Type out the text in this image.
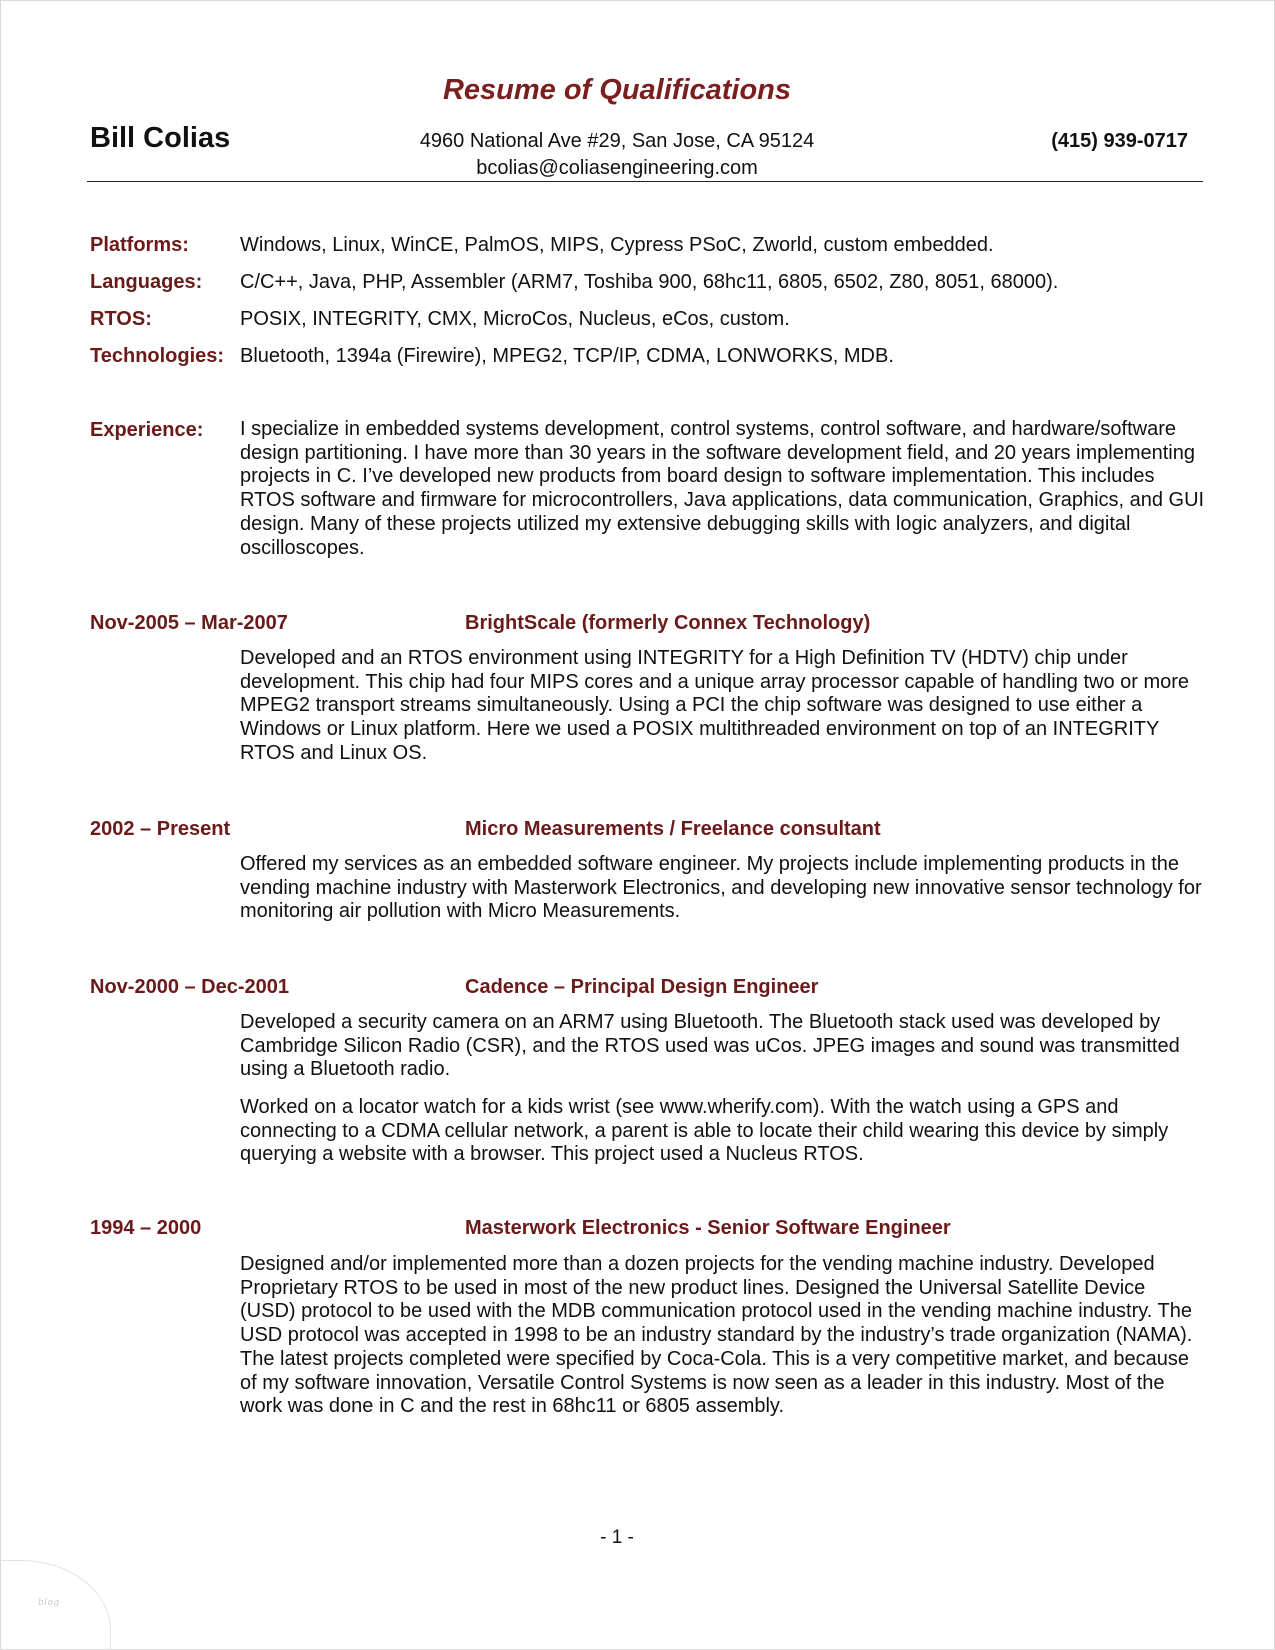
Resume of Qualifications
Bill Colias	4960 National Ave #29, San Jose, CA 95124
bcolias@coliasengineering.com
(415) 939-0717
Platforms:	Windows, Linux, WinCE, PalmOS, MIPS, Cypress PSoC, Zworld, custom embedded.
Languages: C/C++, Java, PHP, Assembler (ARM7, Toshiba 900, 68hc11, 6805, 6502, Z80, 8051, 68000).
RTOS:	POSIX, INTEGRITY, CMX, MicroCos, Nucleus, eCos, custom.
Technologies: Bluetooth, 1394a (Firewire), MPEG2, TCP/IP, CDMA, LONWORKS, MDB.
Experience: I specialize in embedded systems development, control systems, control software, and hardware/software design partitioning. I have more than 30 years in the software development field, and 20 years implementing projects in C. I’ve developed new products from board design to software implementation. This includes RTOS software and firmware for microcontrollers, Java applications, data communication, Graphics, and GUI design. Many of these projects utilized my extensive debugging skills with logic analyzers, and digital oscilloscopes.

Nov-2005 – Mar-2007	BrightScale (formerly Connex Technology)

Developed and an RTOS environment using INTEGRITY for a High Definition TV (HDTV) chip under development. This chip had four MIPS cores and a unique array processor capable of handling two or more MPEG2 transport streams simultaneously. Using a PCI the chip software was designed to use either a Windows or Linux platform. Here we used a POSIX multithreaded environment on top of an INTEGRITY RTOS and Linux OS.

2002 – Present	Micro Measurements / Freelance consultant

Offered my services as an embedded software engineer. My projects include implementing products in the vending machine industry with Masterwork Electronics, and developing new innovative sensor technology for monitoring air pollution with Micro Measurements.

Nov-2000 – Dec-2001	Cadence – Principal Design Engineer

Developed a security camera on an ARM7 using Bluetooth. The Bluetooth stack used was developed by Cambridge Silicon Radio (CSR), and the RTOS used was uCos. JPEG images and sound was transmitted using a Bluetooth radio.

Worked on a locator watch for a kids wrist (see www.wherify.com). With the watch using a GPS and connecting to a CDMA cellular network, a parent is able to locate their child wearing this device by simply querying a website with a browser. This project used a Nucleus RTOS.

1994 – 2000	Masterwork Electronics - Senior Software Engineer

Designed and/or implemented more than a dozen projects for the vending machine industry. Developed Proprietary RTOS to be used in most of the new product lines. Designed the Universal Satellite Device (USD) protocol to be used with the MDB communication protocol used in the vending machine industry. The USD protocol was accepted in 1998 to be an industry standard by the industry’s trade organization (NAMA). The latest projects completed were specified by Coca-Cola. This is a very competitive market, and because of my software innovation, Versatile Control Systems is now seen as a leader in this industry. Most of the work was done in C and the rest in 68hc11 or 6805 assembly.

- 1 -
blog
